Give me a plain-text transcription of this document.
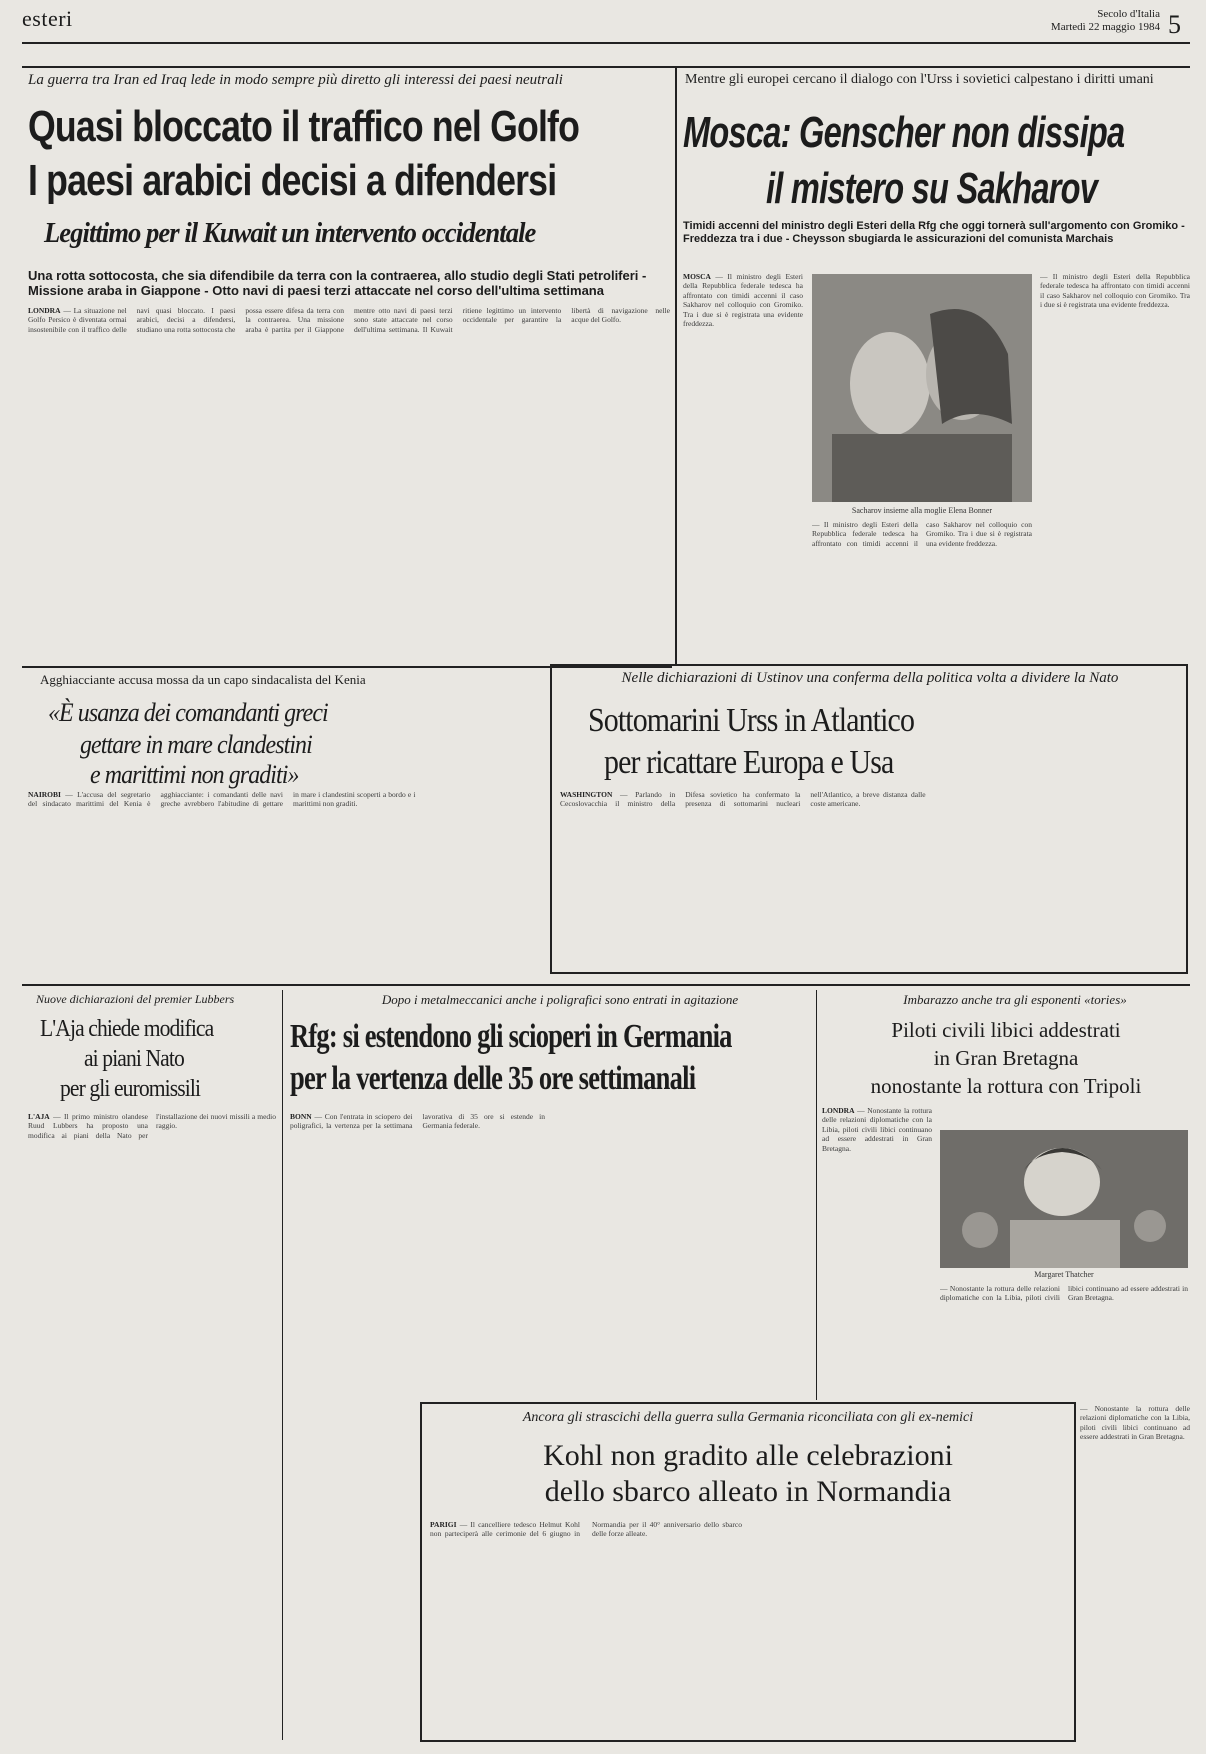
esteri	Secolo d'Italia
Martedì 22 maggio 1984 5
La guerra tra Iran ed Iraq lede in modo sempre più diretto gli interessi dei paesi neutrali
Quasi bloccato il traffico nel Golfo
I paesi arabici decisi a difendersi
Legittimo per il Kuwait un intervento occidentale
Una rotta sottocosta, che sia difendibile da terra con la contraerea, allo studio degli Stati petroliferi - Missione araba in Giappone - Otto navi di paesi terzi attaccate nel corso dell'ultima settimana

LONDRA — La situazione nel Golfo Persico è diventata ormai insostenibile con il traffico delle navi quasi bloccato. I paesi arabici, decisi a difendersi, studiano una rotta sottocosta che possa essere difesa da terra con la contraerea. Una missione araba è partita per il Giappone mentre otto navi di paesi terzi sono state attaccate nel corso dell'ultima settimana. Il Kuwait ritiene legittimo un intervento occidentale per garantire la libertà di navigazione nelle acque del Golfo.

Mentre gli europei cercano il dialogo con l'Urss i sovietici calpestano i diritti umani
Mosca: Genscher non dissipa
il mistero su Sakharov
Timidi accenni del ministro degli Esteri della Rfg che oggi tornerà sull'argomento con Gromiko - Freddezza tra i due - Cheysson sbugiarda le assicurazioni del comunista Marchais

MOSCA — Il ministro degli Esteri della Repubblica federale tedesca ha affrontato con timidi accenni il caso Sakharov nel colloquio con Gromiko. Tra i due si è registrata una evidente freddezza.

Sacharov insieme alla moglie Elena Bonner

— Il ministro degli Esteri della Repubblica federale tedesca ha affrontato con timidi accenni il caso Sakharov nel colloquio con Gromiko. Tra i due si è registrata una evidente freddezza.

— Il ministro degli Esteri della Repubblica federale tedesca ha affrontato con timidi accenni il caso Sakharov nel colloquio con Gromiko. Tra i due si è registrata una evidente freddezza.

Agghiacciante accusa mossa da un capo sindacalista del Kenia
«È usanza dei comandanti greci
gettare in mare clandestini
e marittimi non graditi»

NAIROBI — L'accusa del segretario del sindacato marittimi del Kenia è agghiacciante: i comandanti delle navi greche avrebbero l'abitudine di gettare in mare i clandestini scoperti a bordo e i marittimi non graditi.

Nelle dichiarazioni di Ustinov una conferma della politica volta a dividere la Nato
Sottomarini Urss in Atlantico
per ricattare Europa e Usa

WASHINGTON — Parlando in Cecoslovacchia il ministro della Difesa sovietico ha confermato la presenza di sottomarini nucleari nell'Atlantico, a breve distanza dalle coste americane.

Nuove dichiarazioni del premier Lubbers
L'Aja chiede modifica
ai piani Nato
per gli euromissili

L'AJA — Il primo ministro olandese Ruud Lubbers ha proposto una modifica ai piani della Nato per l'installazione dei nuovi missili a medio raggio.

Dopo i metalmeccanici anche i poligrafici sono entrati in agitazione
Rfg: si estendono gli scioperi in Germania
per la vertenza delle 35 ore settimanali

BONN — Con l'entrata in sciopero dei poligrafici, la vertenza per la settimana lavorativa di 35 ore si estende in Germania federale.

Imbarazzo anche tra gli esponenti «tories»
Piloti civili libici addestrati
in Gran Bretagna
nonostante la rottura con Tripoli

LONDRA — Nonostante la rottura delle relazioni diplomatiche con la Libia, piloti civili libici continuano ad essere addestrati in Gran Bretagna.

Margaret Thatcher

— Nonostante la rottura delle relazioni diplomatiche con la Libia, piloti civili libici continuano ad essere addestrati in Gran Bretagna.

— Nonostante la rottura delle relazioni diplomatiche con la Libia, piloti civili libici continuano ad essere addestrati in Gran Bretagna.

Ancora gli strascichi della guerra sulla Germania riconciliata con gli ex-nemici
Kohl non gradito alle celebrazioni
dello sbarco alleato in Normandia

PARIGI — Il cancelliere tedesco Helmut Kohl non parteciperà alle cerimonie del 6 giugno in Normandia per il 40° anniversario dello sbarco delle forze alleate.
